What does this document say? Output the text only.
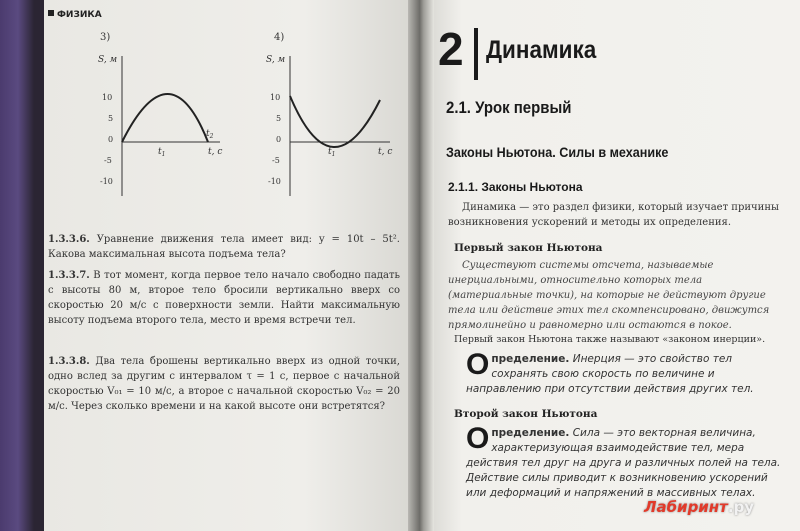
ФИЗИКА
3)
S, м
10
5
0
-5
-10
$t_1$
$t_2$
t, с
4)
S, м
10
5
0
-5
-10
$t_1$	t, с
1.3.3.6. Уравнение движения тела имеет вид: y = 10t – 5t². Какова максимальная высота подъема тела?
1.3.3.7. В тот момент, когда первое тело начало свободно падать с высоты 80 м, второе тело бросили вертикально вверх со скоростью 20 м/с с поверхности земли. Найти максимальную высоту подъема второго тела, место и время встречи тел.
1.3.3.8. Два тела брошены вертикально вверх из одной точки, одно вслед за другим с интервалом τ = 1 с, первое с начальной скоростью V₀₁ = 10 м/с, а второе с начальной скоростью V₀₂ = 20 м/с. Через сколько времени и на какой высоте они встретятся?
2 Динамика
2.1. Урок первый
Законы Ньютона. Силы в механике
2.1.1. Законы Ньютона
Динамика — это раздел физики, который изучает причины возникновения ускорений и методы их определения.
Первый закон Ньютона
Существуют системы отсчета, называемые инерциальными, относительно которых тела (материальные точки), на которые не действуют другие тела или действие этих тел скомпенсировано, движутся прямолинейно и равномерно или остаются в покое.
Первый закон Ньютона также называют «законом инерции».
Определение. Инерция — это свойство тел сохранять свою скорость по величине и направлению при отсутствии действия других тел.
Второй закон Ньютона
Определение. Сила — это векторная величина, характеризующая взаимодействие тел, мера действия тел друг на друга и различных полей на тела. Действие силы приводит к возникновению ускорений или деформаций и напряжений в массивных телах.
Лабиринт.ру
